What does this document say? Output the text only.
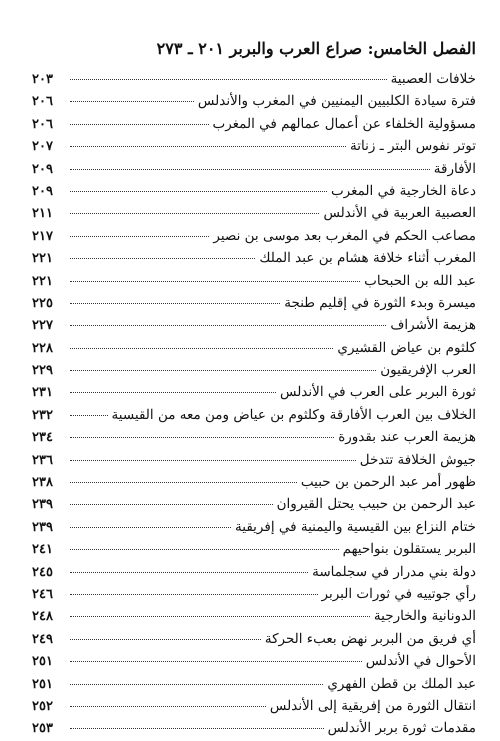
الفصل الخامس: صراع العرب والبربر ٢٠١ ـ ٢٧٣
خلافات العصبية
٢٠٣
فترة سيادة الكلبيين اليمنيين في المغرب والأندلس
٢٠٦
مسؤولية الخلفاء عن أعمال عمالهم في المغرب
٢٠٦
توتر نفوس البتر ـ زناتة
٢٠٧
الأفارقة
٢٠٩
دعاة الخارجية في المغرب
٢٠٩
العصبية العربية في الأندلس
٢١١
مصاعب الحكم في المغرب بعد موسى بن نصير
٢١٧
المغرب أثناء خلافة هشام بن عبد الملك
٢٢١
عبد الله بن الحبحاب
٢٢١
ميسرة وبدء الثورة في إقليم طنجة
٢٢٥
هزيمة الأشراف
٢٢٧
كلثوم بن عياض القشيري
٢٢٨
العرب الإفريقيون
٢٢٩
ثورة البربر على العرب في الأندلس
٢٣١
الخلاف بين العرب الأفارقة وكلثوم بن عياض ومن معه من القيسية
٢٣٢
هزيمة العرب عند بقدورة
٢٣٤
جيوش الخلافة تتدخل
٢٣٦
ظهور أمر عبد الرحمن بن حبيب
٢٣٨
عبد الرحمن بن حبيب يحتل القيروان
٢٣٩
ختام النزاع بين القيسية واليمنية في إفريقية
٢٣٩
البربر يستقلون بنواحيهم
٢٤١
دولة بني مدرار في سجلماسة
٢٤٥
رأي جوتييه في ثورات البربر
٢٤٦
الدونانية والخارجية
٢٤٨
أي فريق من البربر نهض بعبء الحركة
٢٤٩
الأحوال في الأندلس
٢٥١
عبد الملك بن قطن الفهري
٢٥١
انتقال الثورة من إفريقية إلى الأندلس
٢٥٢
مقدمات ثورة بربر الأندلس
٢٥٣
